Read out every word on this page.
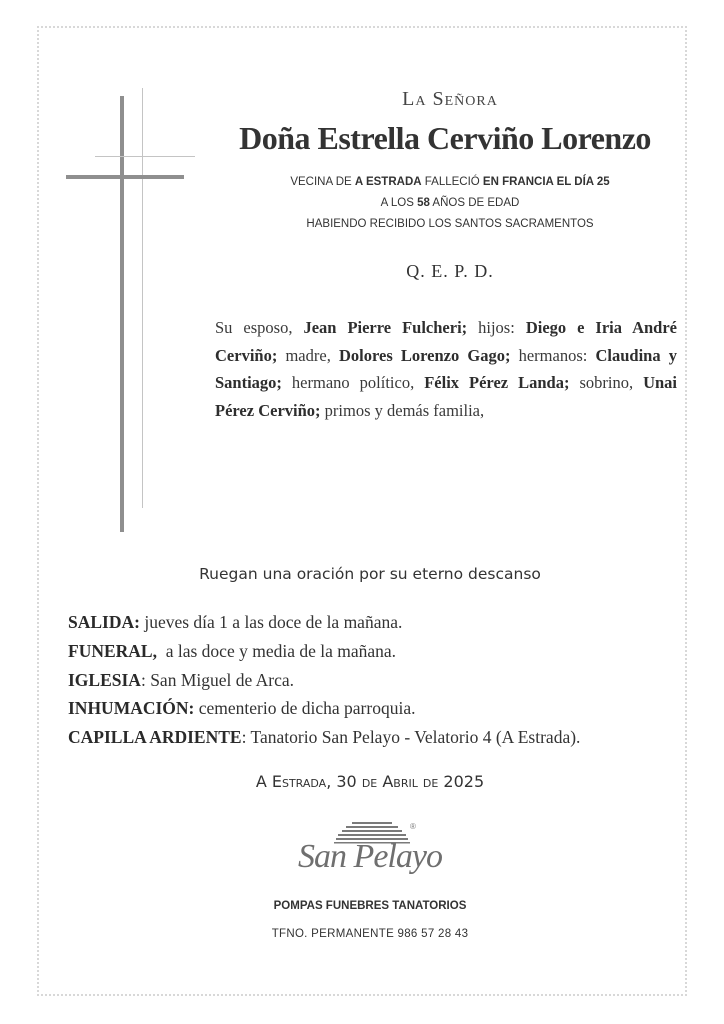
La Señora
Doña Estrella Cerviño Lorenzo
VECINA DE A ESTRADA FALLECIÓ EN FRANCIA EL DÍA 25
A LOS 58 AÑOS DE EDAD
HABIENDO RECIBIDO LOS SANTOS SACRAMENTOS
Q. E. P. D.
Su esposo, Jean Pierre Fulcheri; hijos: Diego e Iria André Cerviño; madre, Dolores Lorenzo Gago; hermanos: Claudina y Santiago; hermano político, Félix Pérez Landa; sobrino, Unai Pérez Cerviño; primos y demás familia,
Ruegan una oración por su eterno descanso
SALIDA: jueves día 1 a las doce de la mañana.
FUNERAL,  a las doce y media de la mañana.
IGLESIA: San Miguel de Arca.
INHUMACIÓN: cementerio de dicha parroquia.
CAPILLA ARDIENTE: Tanatorio San Pelayo - Velatorio 4 (A Estrada).
A Estrada, 30 de Abril de 2025
San Pelayo
®
POMPAS FUNEBRES TANATORIOS
TFNO. PERMANENTE 986 57 28 43
